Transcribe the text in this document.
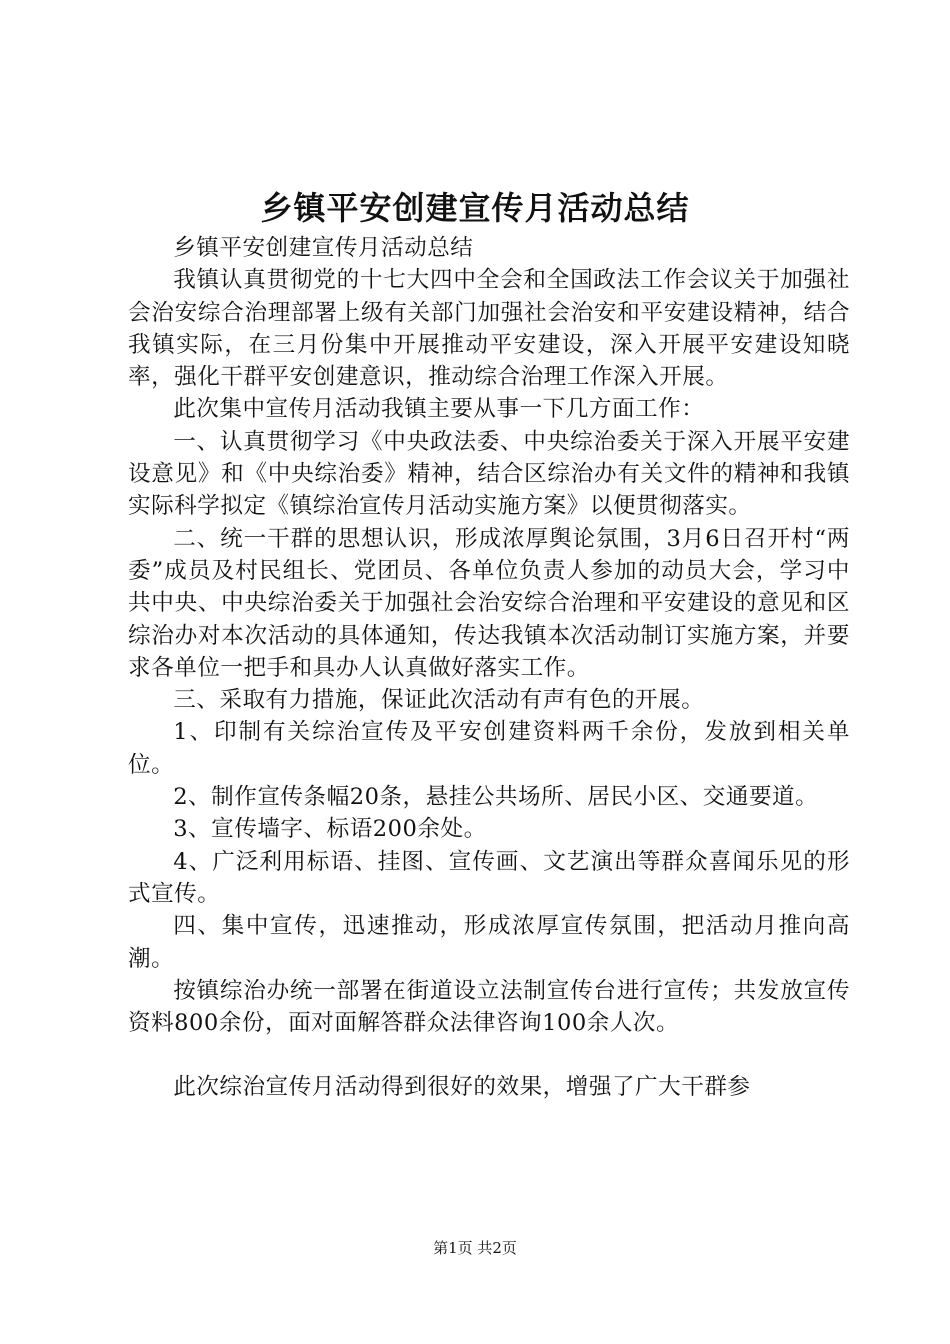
乡镇平安创建宣传月活动总结

乡镇平安创建宣传月活动总结

我镇认真贯彻党的十七大四中全会和全国政法工作会议关于加强社会治安综合治理部署上级有关部门加强社会治安和平安建设精神，结合我镇实际，在三月份集中开展推动平安建设，深入开展平安建设知晓率，强化干群平安创建意识，推动综合治理工作深入开展。

此次集中宣传月活动我镇主要从事一下几方面工作：

一、认真贯彻学习《中央政法委、中央综治委关于深入开展平安建设意见》和《中央综治委》精神，结合区综治办有关文件的精神和我镇实际科学拟定《镇综治宣传月活动实施方案》以便贯彻落实。

二、统一干群的思想认识，形成浓厚舆论氛围，3月6日召开村“两委”成员及村民组长、党团员、各单位负责人参加的动员大会，学习中共中央、中央综治委关于加强社会治安综合治理和平安建设的意见和区综治办对本次活动的具体通知，传达我镇本次活动制订实施方案，并要求各单位一把手和具办人认真做好落实工作。

三、采取有力措施，保证此次活动有声有色的开展。

1、印制有关综治宣传及平安创建资料两千余份，发放到相关单位。

2、制作宣传条幅20条，悬挂公共场所、居民小区、交通要道。

3、宣传墙字、标语200余处。

4、广泛利用标语、挂图、宣传画、文艺演出等群众喜闻乐见的形式宣传。

四、集中宣传，迅速推动，形成浓厚宣传氛围，把活动月推向高潮。

按镇综治办统一部署在街道设立法制宣传台进行宣传；共发放宣传资料800余份，面对面解答群众法律咨询100余人次。

此次综治宣传月活动得到很好的效果，增强了广大干群参

第1页 共2页
